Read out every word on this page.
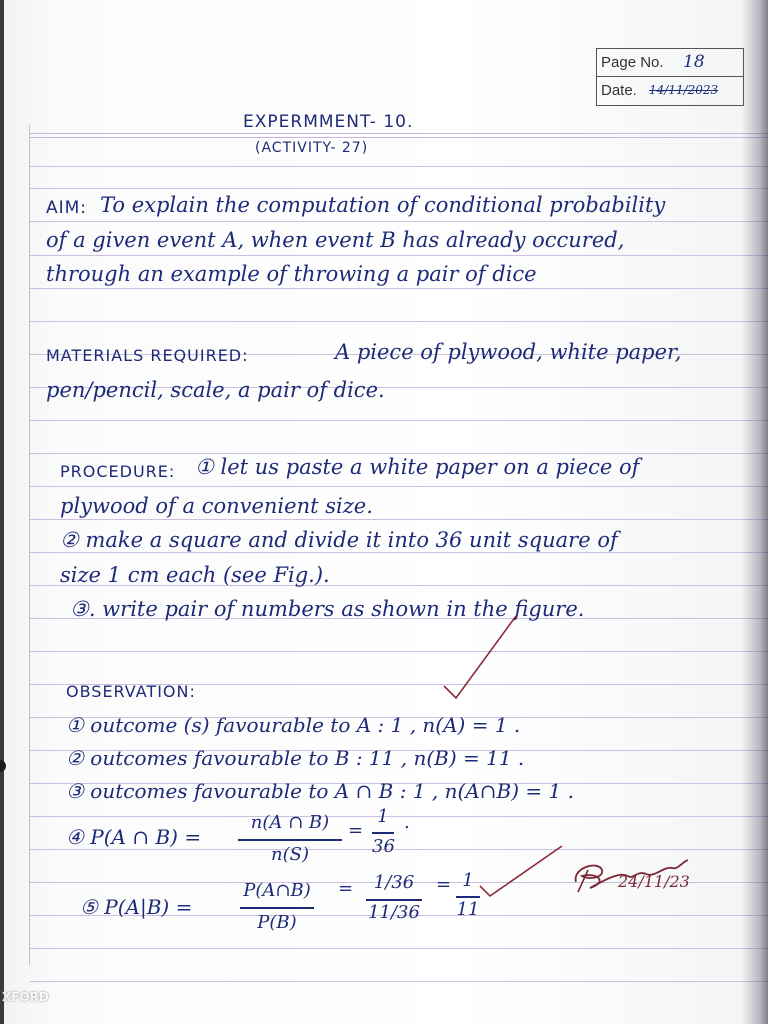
Page No. 18
Date. 14/11/2023
EXPERMMENT- 10.
(ACTIVITY- 27)
AIM: To explain the computation of conditional probability
of a given event A, when event B has already occured,
through an example of throwing a pair of dice
MATERIALS REQUIRED:	A piece of plywood, white paper,
pen/pencil, scale, a pair of dice.
PROCEDURE: ① let us paste a white paper on a piece of
plywood of a convenient size.
② make a square and divide it into 36 unit square of
size 1 cm each (see Fig.).
③. write pair of numbers as shown in the figure.
OBSERVATION:
① outcome (s) favourable to A : 1 , n(A) = 1 .
② outcomes favourable to B : 11 , n(B) = 11 .
③ outcomes favourable to A ∩ B : 1 , n(A∩B) = 1 .
④ P(A ∩ B) =
n(A ∩ B)
n(S)
=
1
36
.
⑤ P(A|B) =
P(A∩B)
P(B)
=	1/36
11/36
= 1
11
24/11/23
XFORD
